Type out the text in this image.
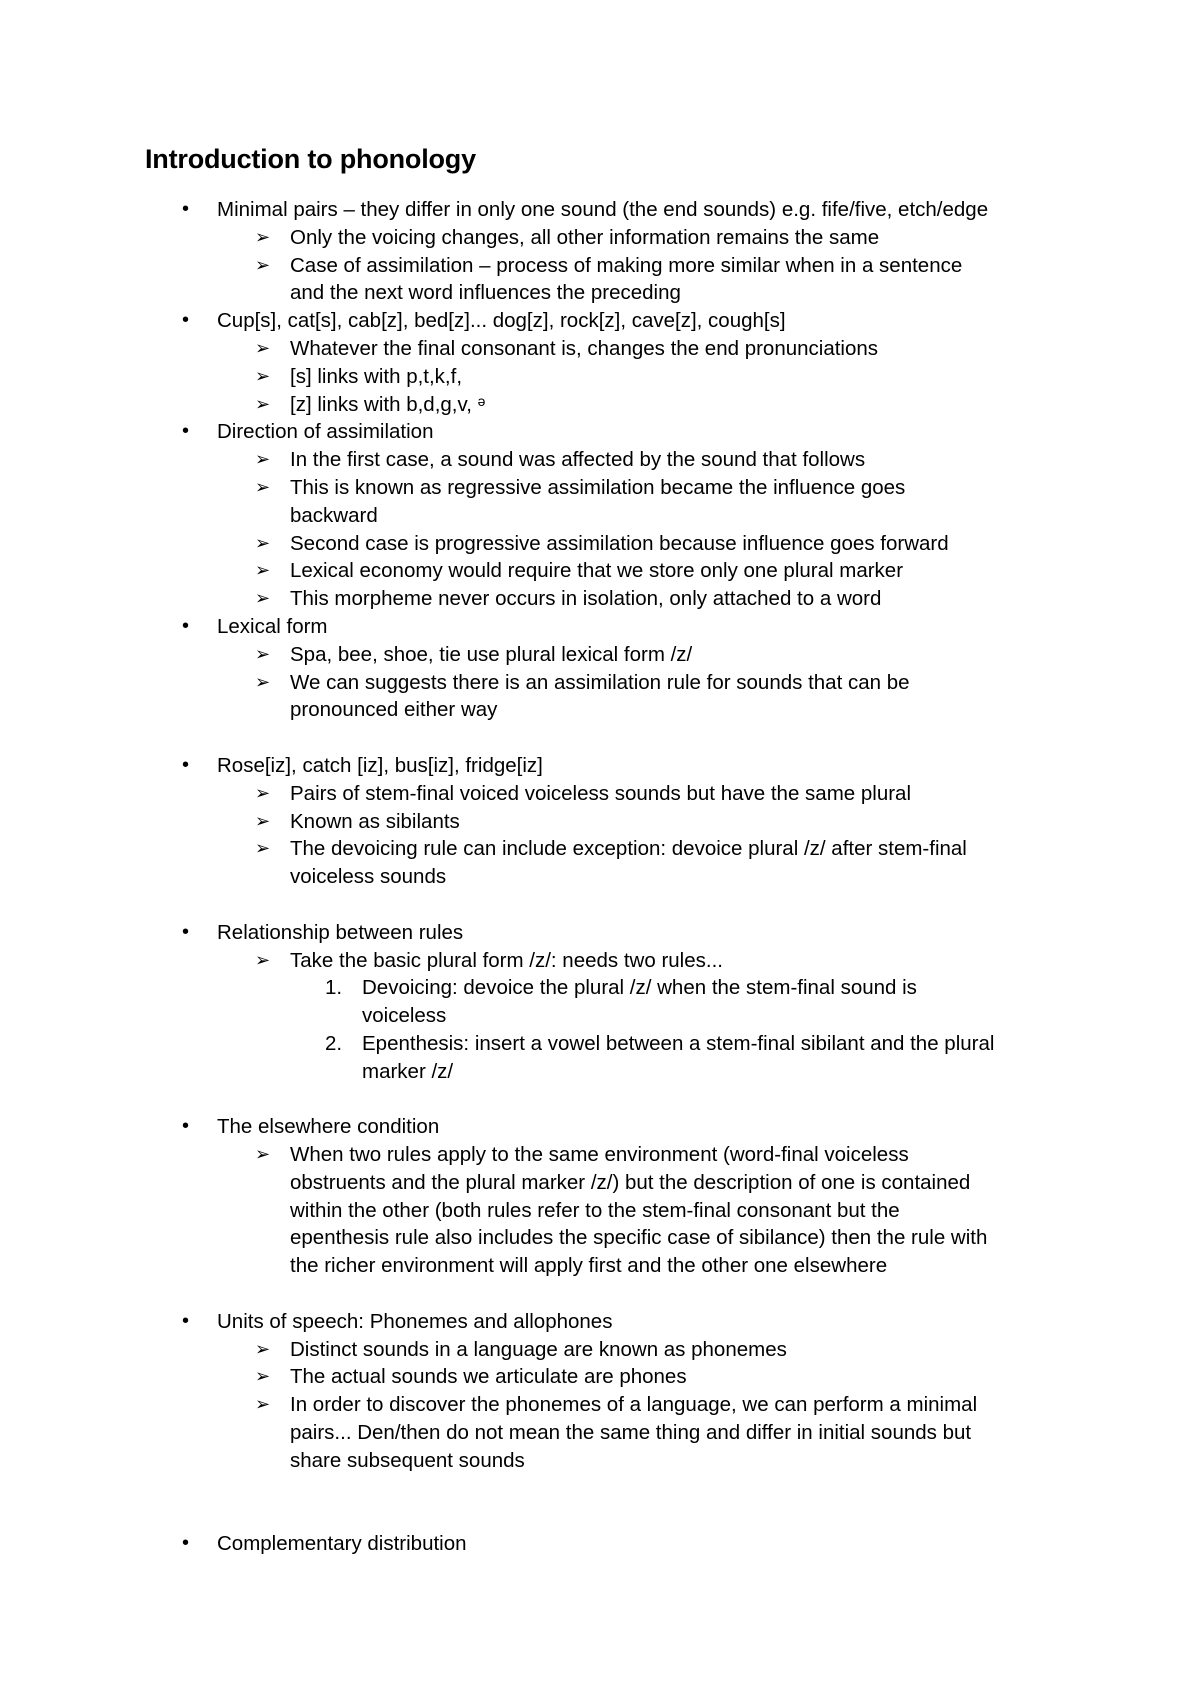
Introduction to phonology
• Minimal pairs – they differ in only one sound (the end sounds) e.g. fife/five, etch/edge
➢ Only the voicing changes, all other information remains the same
➢ Case of assimilation – process of making more similar when in a sentence
and the next word influences the preceding
• Cup[s], cat[s], cab[z], bed[z]... dog[z], rock[z], cave[z], cough[s]
➢ Whatever the final consonant is, changes the end pronunciations
➢ [s] links with p,t,k,f,
➢ [z] links with b,d,g,v, ᵊ
• Direction of assimilation
➢ In the first case, a sound was affected by the sound that follows
➢ This is known as regressive assimilation became the influence goes
backward
➢ Second case is progressive assimilation because influence goes forward
➢ Lexical economy would require that we store only one plural marker
➢ This morpheme never occurs in isolation, only attached to a word
• Lexical form
➢ Spa, bee, shoe, tie use plural lexical form /z/
➢ We can suggests there is an assimilation rule for sounds that can be
pronounced either way
• Rose[iz], catch [iz], bus[iz], fridge[iz]
➢ Pairs of stem-final voiced voiceless sounds but have the same plural
➢ Known as sibilants
➢ The devoicing rule can include exception: devoice plural /z/ after stem-final
voiceless sounds
• Relationship between rules
➢ Take the basic plural form /z/: needs two rules...
1. Devoicing: devoice the plural /z/ when the stem-final sound is
voiceless
2. Epenthesis: insert a vowel between a stem-final sibilant and the plural
marker /z/
• The elsewhere condition
➢ When two rules apply to the same environment (word-final voiceless
obstruents and the plural marker /z/) but the description of one is contained
within the other (both rules refer to the stem-final consonant but the
epenthesis rule also includes the specific case of sibilance) then the rule with
the richer environment will apply first and the other one elsewhere
• Units of speech: Phonemes and allophones
➢ Distinct sounds in a language are known as phonemes
➢ The actual sounds we articulate are phones
➢ In order to discover the phonemes of a language, we can perform a minimal
pairs... Den/then do not mean the same thing and differ in initial sounds but
share subsequent sounds
• Complementary distribution
